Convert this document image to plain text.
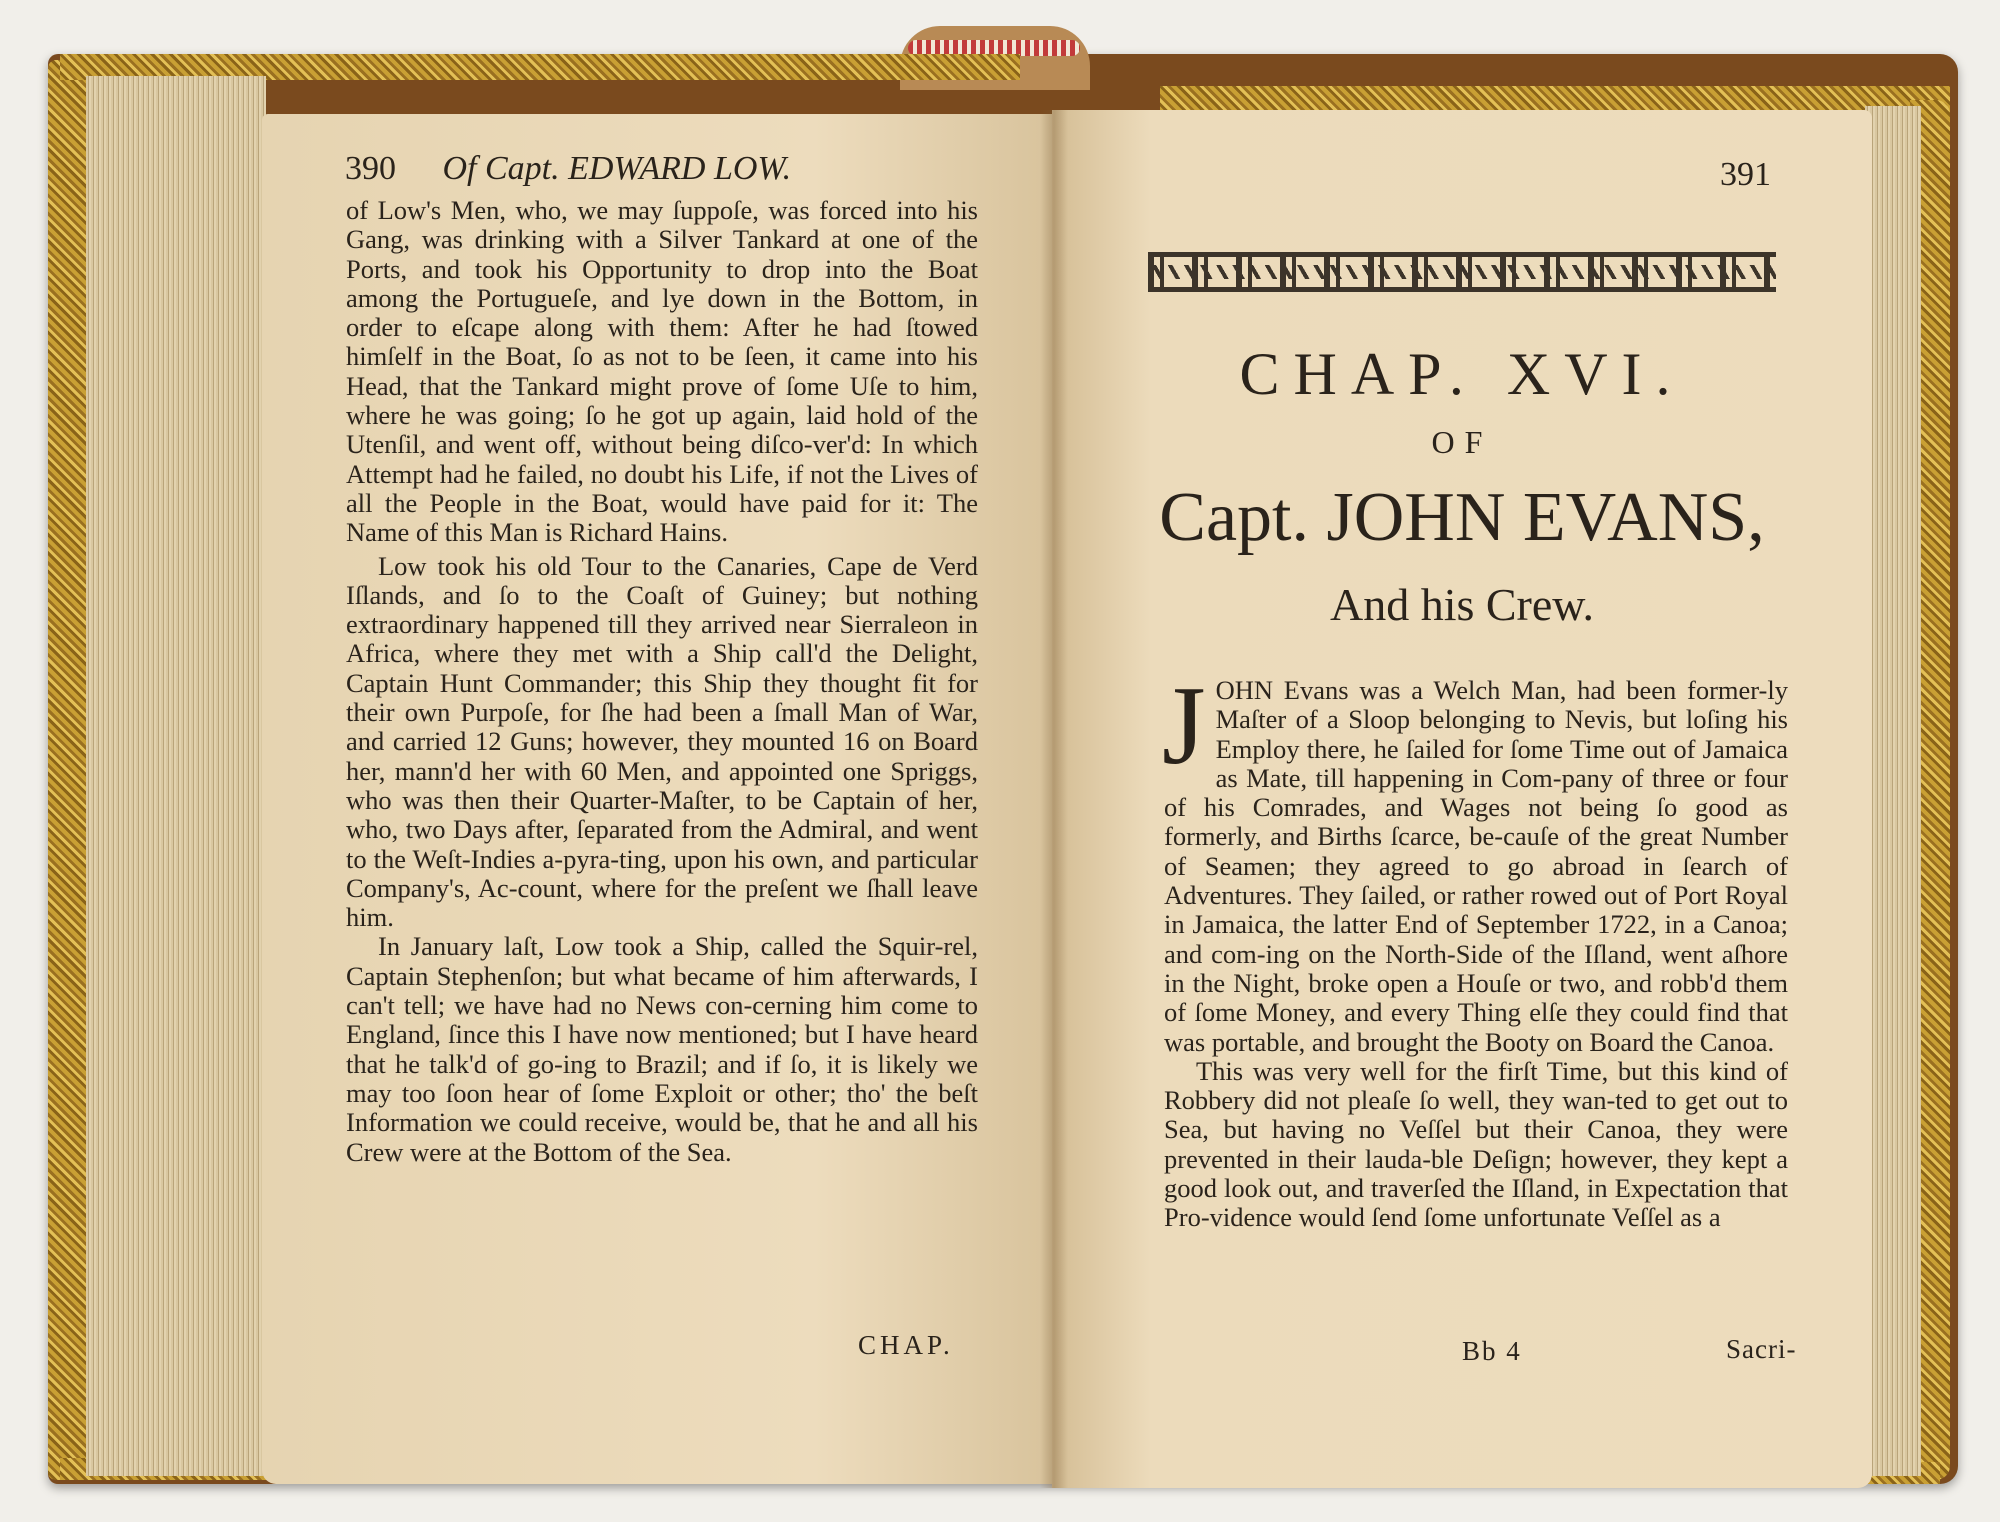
390 Of Capt. EDWARD LOW.

of Low's Men, who, we may ſuppoſe, was forced into his Gang, was drinking with a Silver Tankard at one of the Ports, and took his Opportunity to drop into the Boat among the Portugueſe, and lye down in the Bottom, in order to eſcape along with them: After he had ſtowed himſelf in the Boat, ſo as not to be ſeen, it came into his Head, that the Tankard might prove of ſome Uſe to him, where he was going; ſo he got up again, laid hold of the Utenſil, and went off, without being diſco-ver'd: In which Attempt had he failed, no doubt his Life, if not the Lives of all the People in the Boat, would have paid for it: The Name of this Man is Richard Hains.

Low took his old Tour to the Canaries, Cape de Verd Iſlands, and ſo to the Coaſt of Guiney; but nothing extraordinary happened till they arrived near Sierraleon in Africa, where they met with a Ship call'd the Delight, Captain Hunt Commander; this Ship they thought fit for their own Purpoſe, for ſhe had been a ſmall Man of War, and carried 12 Guns; however, they mounted 16 on Board her, mann'd her with 60 Men, and appointed one Spriggs, who was then their Quarter-Maſter, to be Captain of her, who, two Days after, ſeparated from the Admiral, and went to the Weſt-Indies a-pyra-ting, upon his own, and particular Company's, Ac-count, where for the preſent we ſhall leave him.

In January laſt, Low took a Ship, called the Squir-rel, Captain Stephenſon; but what became of him afterwards, I can't tell; we have had no News con-cerning him come to England, ſince this I have now mentioned; but I have heard that he talk'd of go-ing to Brazil; and if ſo, it is likely we may too ſoon hear of ſome Exploit or other; tho' the beſt Information we could receive, would be, that he and all his Crew were at the Bottom of the Sea.

CHAP.
391
CHAP. XVI.
OF
Capt. JOHN EVANS,
And his Crew.

JOHN Evans was a Welch Man, had been former-ly Maſter of a Sloop belonging to Nevis, but loſing his Employ there, he ſailed for ſome Time out of Jamaica as Mate, till happening in Com-pany of three or four of his Comrades, and Wages not being ſo good as formerly, and Births ſcarce, be-cauſe of the great Number of Seamen; they agreed to go abroad in ſearch of Adventures. They ſailed, or rather rowed out of Port Royal in Jamaica, the latter End of September 1722, in a Canoa; and com-ing on the North-Side of the Iſland, went aſhore in the Night, broke open a Houſe or two, and robb'd them of ſome Money, and every Thing elſe they could find that was portable, and brought the Booty on Board the Canoa.

This was very well for the firſt Time, but this kind of Robbery did not pleaſe ſo well, they wan-ted to get out to Sea, but having no Veſſel but their Canoa, they were prevented in their lauda-ble Deſign; however, they kept a good look out, and traverſed the Iſland, in Expectation that Pro-vidence would ſend ſome unfortunate Veſſel as a

Bb 4	Sacri-
